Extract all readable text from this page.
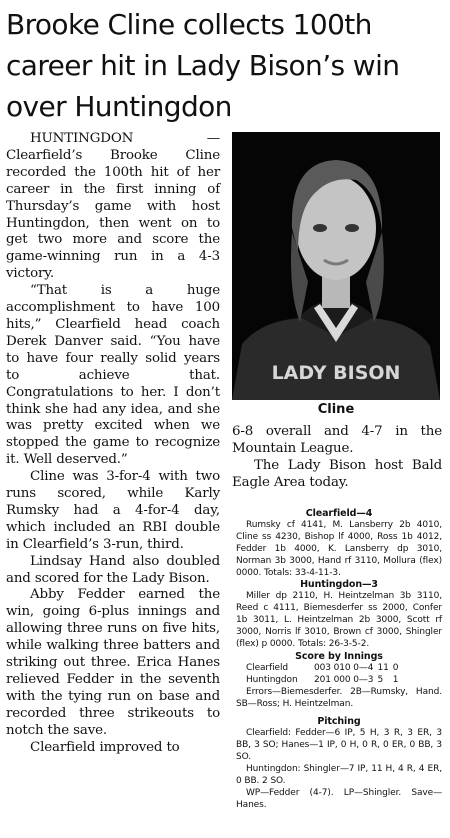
Brooke Cline collects 100th career hit in Lady Bison’s win over Huntingdon

HUNTINGDON — Clearfield’s Brooke Cline recorded the 100th hit of her career in the first inning of Thursday’s game with host Huntingdon, then went on to get two more and score the game-winning run in a 4-3 victory.

“That is a huge accomplishment to have 100 hits,” Clearfield head coach Derek Danver said. “You have to have four really solid years to achieve that. Congratulations to her. I don’t think she had any idea, and she was pretty excited when we stopped the game to recognize it. Well deserved.”

Cline was 3-for-4 with two runs scored, while Karly Rumsky had a 4-for-4 day, which included an RBI double in Clearfield’s 3-run, third.

Lindsay Hand also doubled and scored for the Lady Bison.

Abby Fedder earned the win, going 6-plus innings and allowing three runs on five hits, while walking three batters and striking out three. Erica Hanes relieved Fedder in the seventh with the tying run on base and recorded three strikeouts to notch the save.

Clearfield improved to

LADY BISON
Cline

6-8 overall and 4-7 in the Mountain League.

The Lady Bison host Bald Eagle Area today.

Clearfield—4

Rumsky cf 4141, M. Lansberry 2b 4010, Cline ss 4230, Bishop lf 4000, Ross 1b 4012, Fedder 1b 4000, K. Lansberry dp 3010, Norman 3b 3000, Hand rf 3110, Mollura (flex) 0000. Totals: 33-4-11-3.

Huntingdon—3

Miller dp 2110, H. Heintzelman 3b 3110, Reed c 4111, Biemesderfer ss 2000, Confer 1b 3011, L. Heintzelman 2b 3000, Scott rf 3000, Norris lf 3010, Brown cf 3000, Shingler (flex) p 0000. Totals: 26-3-5-2.

Score by Innings
Clearfield	003 010 0—4	11	0
Huntingdon	201 000 0—3	5	1

Errors—Biemesderfer. 2B—Rumsky, Hand. SB—Ross; H. Heintzelman.

Pitching

Clearfield: Fedder—6 IP, 5 H, 3 R, 3 ER, 3 BB, 3 SO; Hanes—1 IP, 0 H, 0 R, 0 ER, 0 BB, 3 SO.

Huntingdon: Shingler—7 IP, 11 H, 4 R, 4 ER, 0 BB. 2 SO.

WP—Fedder (4-7). LP—Shingler. Save—Hanes.
